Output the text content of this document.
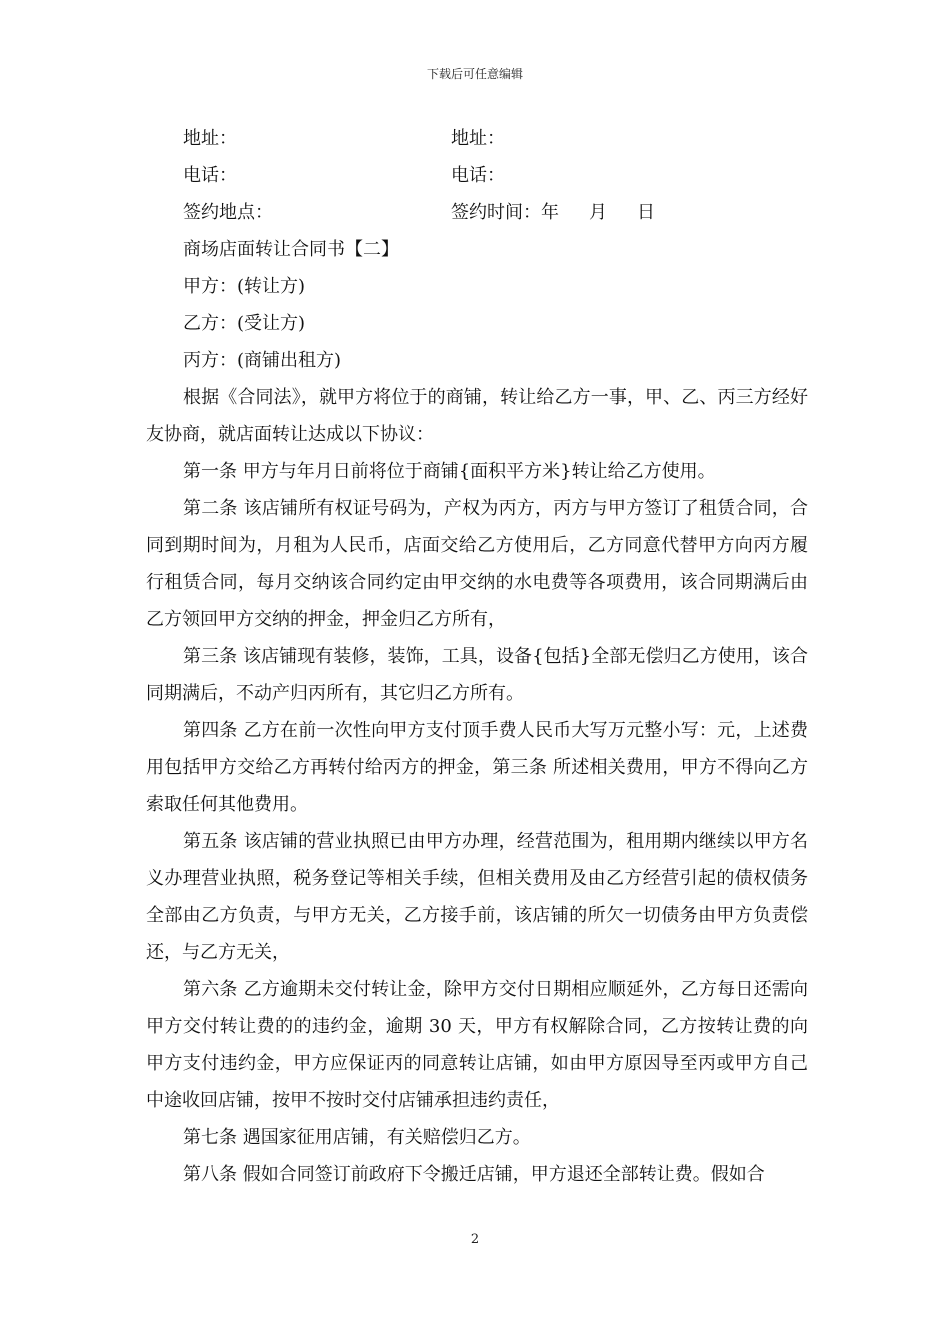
下载后可任意编辑
地址：	地址：
电话：	电话：
签约地点：	签约时间：年 月 日
商场店面转让合同书【二】
甲方：(转让方)
乙方：(受让方)
丙方：(商铺出租方)

根据《合同法》，就甲方将位于的商铺，转让给乙方一事，甲、乙、丙三方经好友协商，就店面转让达成以下协议：

第一条 甲方与年月日前将位于商铺{面积平方米}转让给乙方使用。

第二条 该店铺所有权证号码为，产权为丙方，丙方与甲方签订了租赁合同，合同到期时间为，月租为人民币，店面交给乙方使用后，乙方同意代替甲方向丙方履行租赁合同，每月交纳该合同约定由甲交纳的水电费等各项费用，该合同期满后由乙方领回甲方交纳的押金，押金归乙方所有，

第三条 该店铺现有装修，装饰，工具，设备{包括}全部无偿归乙方使用，该合同期满后，不动产归丙所有，其它归乙方所有。

第四条 乙方在前一次性向甲方支付顶手费人民币大写万元整小写：元，上述费用包括甲方交给乙方再转付给丙方的押金，第三条 所述相关费用，甲方不得向乙方索取任何其他费用。

第五条 该店铺的营业执照已由甲方办理，经营范围为，租用期内继续以甲方名义办理营业执照，税务登记等相关手续，但相关费用及由乙方经营引起的债权债务全部由乙方负责，与甲方无关，乙方接手前，该店铺的所欠一切债务由甲方负责偿还，与乙方无关，

第六条 乙方逾期未交付转让金，除甲方交付日期相应顺延外，乙方每日还需向甲方交付转让费的的违约金，逾期 30 天，甲方有权解除合同，乙方按转让费的向甲方支付违约金，甲方应保证丙的同意转让店铺，如由甲方原因导至丙或甲方自己中途收回店铺，按甲不按时交付店铺承担违约责任，

第七条 遇国家征用店铺，有关赔偿归乙方。

第八条 假如合同签订前政府下令搬迁店铺，甲方退还全部转让费。假如合

2
